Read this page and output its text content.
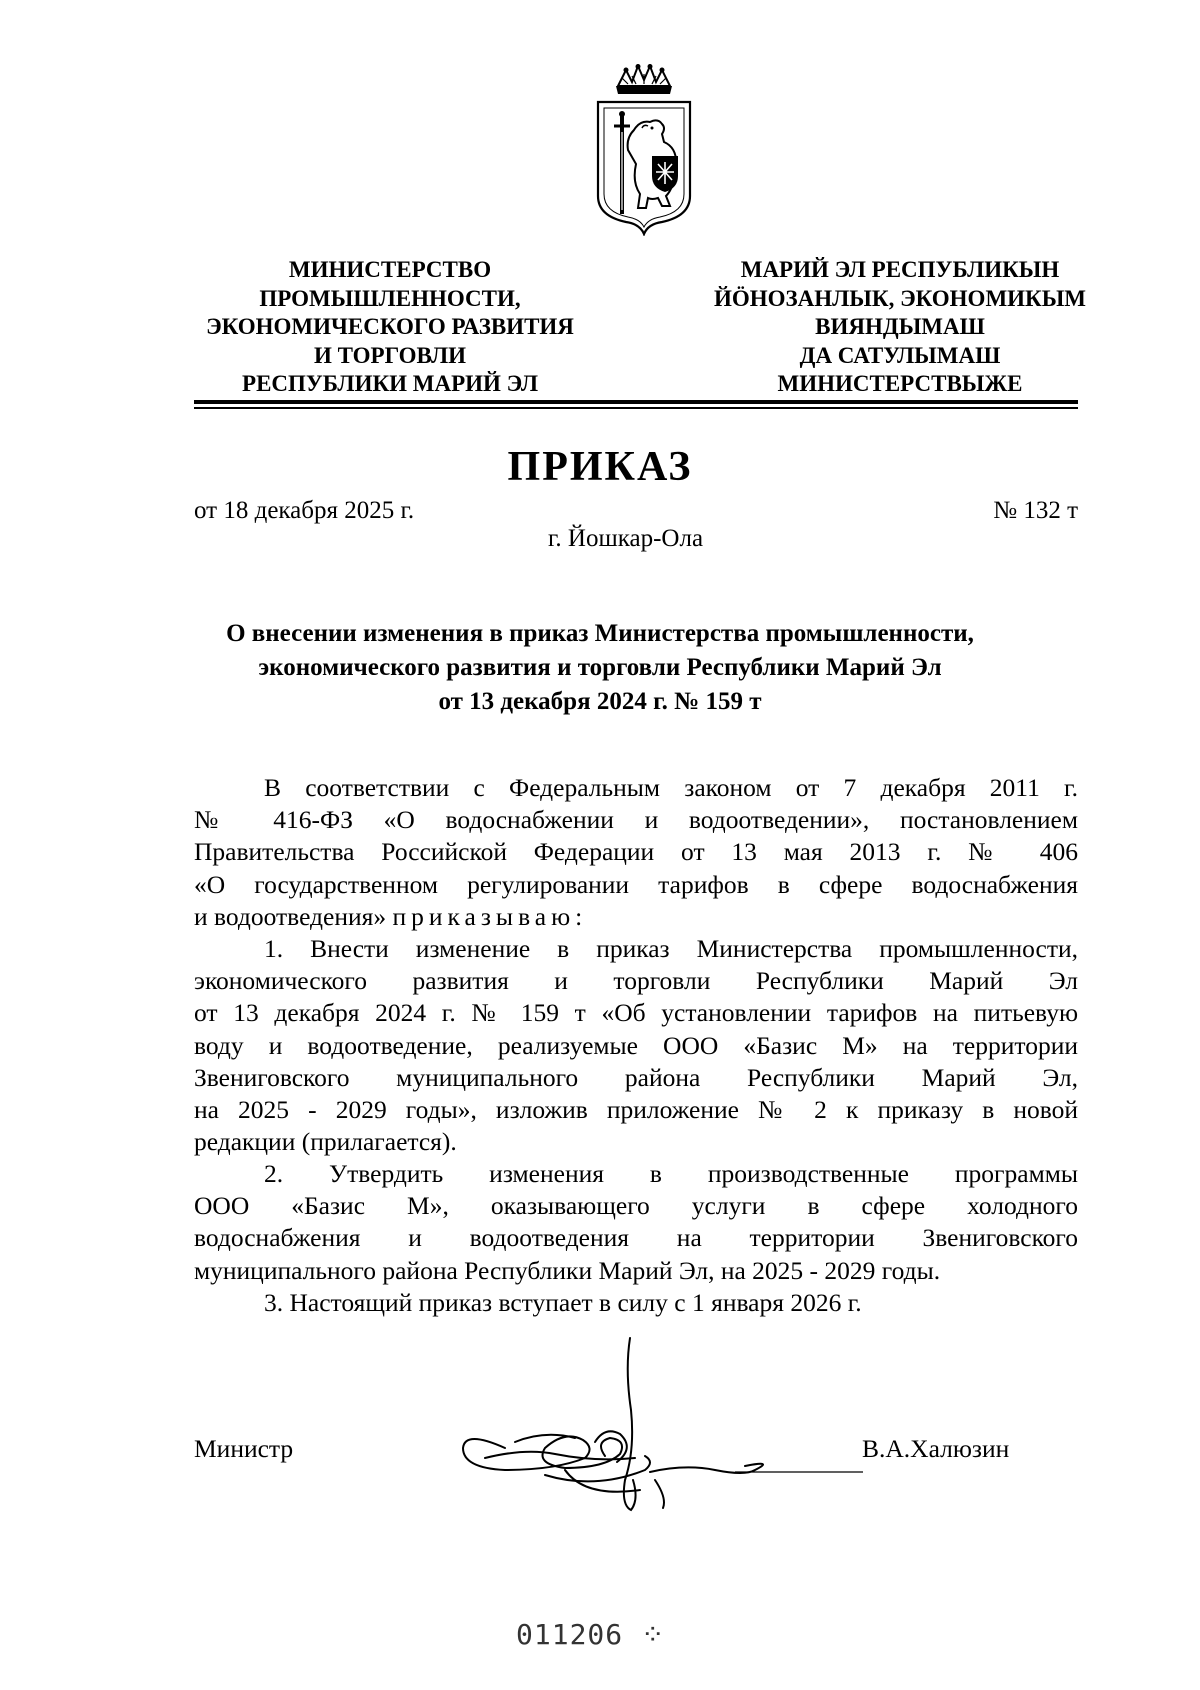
МИНИСТЕРСТВО
ПРОМЫШЛЕННОСТИ,
ЭКОНОМИЧЕСКОГО РАЗВИТИЯ
И ТОРГОВЛИ
РЕСПУБЛИКИ МАРИЙ ЭЛ
МАРИЙ ЭЛ РЕСПУБЛИКЫН
ЙӦНОЗАНЛЫК, ЭКОНОМИКЫМ
ВИЯНДЫМАШ
ДА САТУЛЫМАШ
МИНИСТЕРСТВЫЖЕ
ПРИКАЗ
от 18 декабря 2025 г.	№ 132 т
г. Йошкар-Ола
О внесении изменения в приказ Министерства промышленности,
экономического развития и торговли Республики Марий Эл
от 13 декабря 2024 г. № 159 т
В соответствии с Федеральным законом от 7 декабря 2011 г.
№ 416-ФЗ «О водоснабжении и водоотведении», постановлением
Правительства Российской Федерации от 13 мая 2013 г. № 406
«О государственном регулировании тарифов в сфере водоснабжения
и водоотведения» приказываю:
1. Внести изменение в приказ Министерства промышленности,
экономического развития и торговли Республики Марий Эл
от 13 декабря 2024 г. № 159 т «Об установлении тарифов на питьевую
воду и водоотведение, реализуемые ООО «Базис М» на территории
Звениговского муниципального района Республики Марий Эл,
на 2025 - 2029 годы», изложив приложение № 2 к приказу в новой
редакции (прилагается).
2. Утвердить изменения в производственные программы
ООО «Базис М», оказывающего услуги в сфере холодного
водоснабжения и водоотведения на территории Звениговского
муниципального района Республики Марий Эл, на 2025 - 2029 годы.
3. Настоящий приказ вступает в силу с 1 января 2026 г.
Министр	В.А.Халюзин
011206 ⁘
